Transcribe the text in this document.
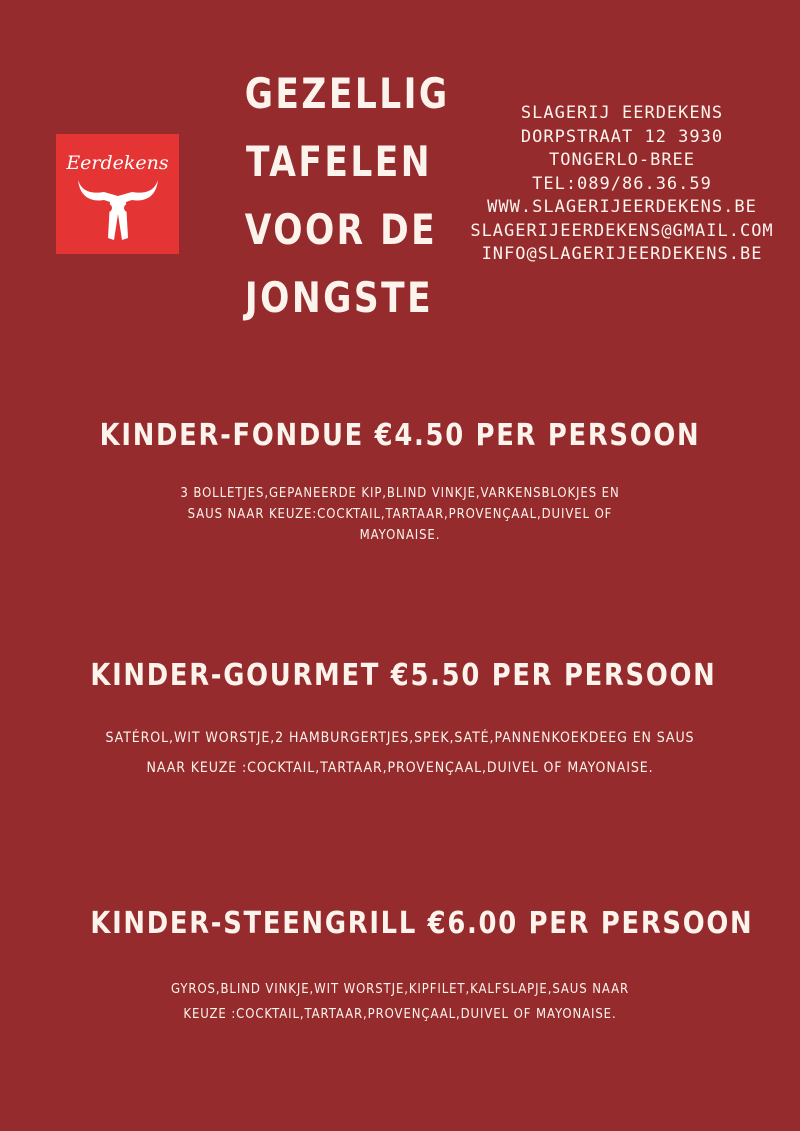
Eerdekens
GEZELLIG
TAFELEN
VOOR DE
JONGSTE
SLAGERIJ EERDEKENS
DORPSTRAAT 12 3930
TONGERLO-BREE
TEL:089/86.36.59
WWW.SLAGERIJEERDEKENS.BE
SLAGERIJEERDEKENS@GMAIL.COM
INFO@SLAGERIJEERDEKENS.BE
KINDER-FONDUE €4.50 PER PERSOON
3 BOLLETJES,GEPANEERDE KIP,BLIND VINKJE,VARKENSBLOKJES EN SAUS NAAR KEUZE:COCKTAIL,TARTAAR,PROVENÇAAL,DUIVEL OF MAYONAISE.
KINDER-GOURMET €5.50 PER PERSOON
SATÉROL,WIT WORSTJE,2 HAMBURGERTJES,SPEK,SATÉ,PANNENKOEKDEEG EN SAUS NAAR KEUZE :COCKTAIL,TARTAAR,PROVENÇAAL,DUIVEL OF MAYONAISE.
KINDER-STEENGRILL €6.00 PER PERSOON
GYROS,BLIND VINKJE,WIT WORSTJE,KIPFILET,KALFSLAPJE,SAUS NAAR KEUZE :COCKTAIL,TARTAAR,PROVENÇAAL,DUIVEL OF MAYONAISE.
